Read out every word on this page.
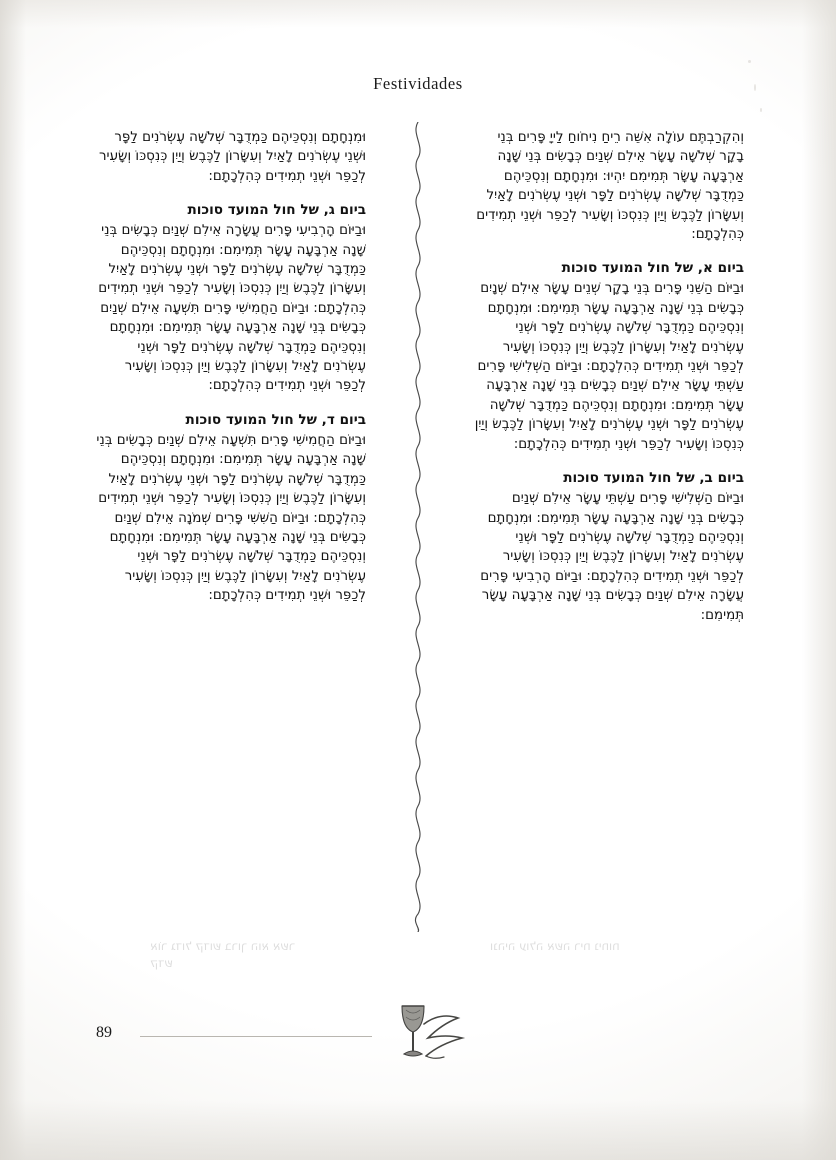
Festividades
וְהִקְרַבְתֶּם עוֹלָה אִשֵּׁה רֵיחַ נִיחֹוחַ לַייָ פָּרִים בְּנֵי בָקָר שְׁלֹשָׁה עָשָׂר אֵילִם שְׁנַיִם כְּבָשִׂים בְּנֵי שָׁנָה אַרְבָּעָה עָשָׂר תְּמִימִם יִהְיוּ: וּמִנְחָתָם וְנִסְכֵּיהֶם כַּמְדֻבָּר שְׁלֹשָׁה עֶשְׂרֹנִים לַפָּר וּשְׁנֵי עֶשְׂרֹנִים לָאַיִל וְעִשָּׂרוֹן לַכֶּבֶשׂ וְיַיִן כְּנִסְכּוֹ וְשָׂעִיר לְכַפֵּר וּשְׁנֵי תְמִידִים כְּהִלְכָתָם:
ביום א, של חול המועד סוכות
וּבַיּוֹם הַשֵּׁנִי פָּרִים בְּנֵי בָקָר שְׁנֵים עָשָׂר אֵילִם שְׁנָיִם כְּבָשִׂים בְּנֵי שָׁנָה אַרְבָּעָה עָשָׂר תְּמִימִם: וּמִנְחָתָם וְנִסְכֵּיהֶם כַּמְדֻבָּר שְׁלֹשָׁה עֶשְׂרֹנִים לַפָּר וּשְׁנֵי עֶשְׂרֹנִים לָאַיִל וְעִשָּׂרוֹן לַכֶּבֶשׂ וְיַיִן כְּנִסְכּוֹ וְשָׂעִיר לְכַפֵּר וּשְׁנֵי תְמִידִים כְּהִלְכָתָם: וּבַיּוֹם הַשְּׁלִישִׁי פָּרִים עַשְׁתֵּי עָשָׂר אֵילִם שְׁנַיִם כְּבָשִׂים בְּנֵי שָׁנָה אַרְבָּעָה עָשָׂר תְּמִימִם: וּמִנְחָתָם וְנִסְכֵּיהֶם כַּמְדֻבָּר שְׁלֹשָׁה עֶשְׂרֹנִים לַפָּר וּשְׁנֵי עֶשְׂרֹנִים לָאַיִל וְעִשָּׂרוֹן לַכֶּבֶשׂ וְיַיִן כְּנִסְכּוֹ וְשָׂעִיר לְכַפֵּר וּשְׁנֵי תְמִידִים כְּהִלְכָתָם:
ביום ב, של חול המועד סוכות
וּבַיּוֹם הַשְּׁלִישִׁי פָּרִים עַשְׁתֵּי עָשָׂר אֵילִם שְׁנַיִם כְּבָשִׂים בְּנֵי שָׁנָה אַרְבָּעָה עָשָׂר תְּמִימִם: וּמִנְחָתָם וְנִסְכֵּיהֶם כַּמְדֻבָּר שְׁלֹשָׁה עֶשְׂרֹנִים לַפָּר וּשְׁנֵי עֶשְׂרֹנִים לָאַיִל וְעִשָּׂרוֹן לַכֶּבֶשׂ וְיַיִן כְּנִסְכּוֹ וְשָׂעִיר לְכַפֵּר וּשְׁנֵי תְמִידִים כְּהִלְכָתָם: וּבַיּוֹם הָרְבִיעִי פָּרִים עֲשָׂרָה אֵילִם שְׁנַיִם כְּבָשִׂים בְּנֵי שָׁנָה אַרְבָּעָה עָשָׂר תְּמִימִם:
וּמִנְחָתָם וְנִסְכֵּיהֶם כַּמְדֻבָּר שְׁלֹשָׁה עֶשְׂרֹנִים לַפָּר וּשְׁנֵי עֶשְׂרֹנִים לָאַיִל וְעִשָּׂרוֹן לַכֶּבֶשׂ וְיַיִן כְּנִסְכּוֹ וְשָׂעִיר לְכַפֵּר וּשְׁנֵי תְמִידִים כְּהִלְכָתָם:
ביום ג, של חול המועד סוכות
וּבַיּוֹם הָרְבִיעִי פָּרִים עֲשָׂרָה אֵילִם שְׁנַיִם כְּבָשִׂים בְּנֵי שָׁנָה אַרְבָּעָה עָשָׂר תְּמִימִם: וּמִנְחָתָם וְנִסְכֵּיהֶם כַּמְדֻבָּר שְׁלֹשָׁה עֶשְׂרֹנִים לַפָּר וּשְׁנֵי עֶשְׂרֹנִים לָאַיִל וְעִשָּׂרוֹן לַכֶּבֶשׂ וְיַיִן כְּנִסְכּוֹ וְשָׂעִיר לְכַפֵּר וּשְׁנֵי תְמִידִים כְּהִלְכָתָם: וּבַיּוֹם הַחֲמִישִׁי פָּרִים תִּשְׁעָה אֵילִם שְׁנַיִם כְּבָשִׂים בְּנֵי שָׁנָה אַרְבָּעָה עָשָׂר תְּמִימִם: וּמִנְחָתָם וְנִסְכֵּיהֶם כַּמְדֻבָּר שְׁלֹשָׁה עֶשְׂרֹנִים לַפָּר וּשְׁנֵי עֶשְׂרֹנִים לָאַיִל וְעִשָּׂרוֹן לַכֶּבֶשׂ וְיַיִן כְּנִסְכּוֹ וְשָׂעִיר לְכַפֵּר וּשְׁנֵי תְמִידִים כְּהִלְכָתָם:
ביום ד, של חול המועד סוכות
וּבַיּוֹם הַחֲמִישִׁי פָּרִים תִּשְׁעָה אֵילִם שְׁנַיִם כְּבָשִׂים בְּנֵי שָׁנָה אַרְבָּעָה עָשָׂר תְּמִימִם: וּמִנְחָתָם וְנִסְכֵּיהֶם כַּמְדֻבָּר שְׁלֹשָׁה עֶשְׂרֹנִים לַפָּר וּשְׁנֵי עֶשְׂרֹנִים לָאַיִל וְעִשָּׂרוֹן לַכֶּבֶשׂ וְיַיִן כְּנִסְכּוֹ וְשָׂעִיר לְכַפֵּר וּשְׁנֵי תְמִידִים כְּהִלְכָתָם: וּבַיּוֹם הַשִּׁשִּׁי פָּרִים שְׁמֹנָה אֵילִם שְׁנַיִם כְּבָשִׂים בְּנֵי שָׁנָה אַרְבָּעָה עָשָׂר תְּמִימִם: וּמִנְחָתָם וְנִסְכֵּיהֶם כַּמְדֻבָּר שְׁלֹשָׁה עֶשְׂרֹנִים לַפָּר וּשְׁנֵי עֶשְׂרֹנִים לָאַיִל וְעִשָּׂרוֹן לַכֶּבֶשׂ וְיַיִן כְּנִסְכּוֹ וְשָׂעִיר לְכַפֵּר וּשְׁנֵי תְמִידִים כְּהִלְכָתָם:
אוֹר גדול קדוש ברוך הוא אשר קדש
ונהיה עולה אשה ריח ניחוח
89
